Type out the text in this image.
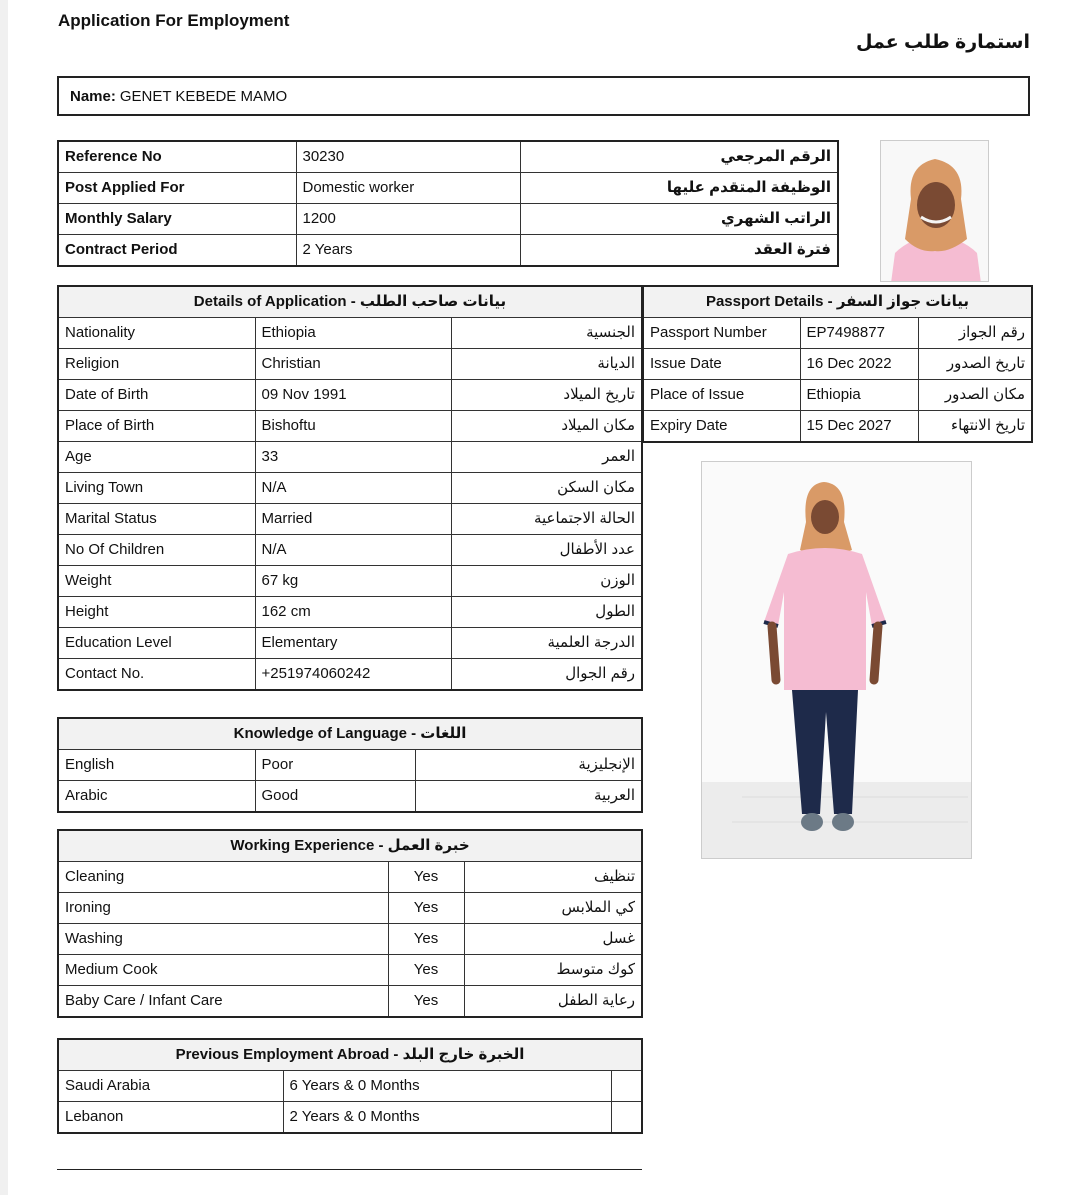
Application For Employment
استمارة طلب عمل
Name: GENET KEBEDE MAMO
Reference No	30230	الرقم المرجعي
Post Applied For	Domestic worker	الوظيفة المتقدم عليها
Monthly Salary	1200	الراتب الشهري
Contract Period	2 Years	فترة العقد
Details of Application - بيانات صاحب الطلب		
Nationality	Ethiopia	الجنسية
Religion	Christian	الديانة
Date of Birth	09 Nov 1991	تاريخ الميلاد
Place of Birth	Bishoftu	مكان الميلاد
Age	33	العمر
Living Town	N/A	مكان السكن
Marital Status	Married	الحالة الاجتماعية
No Of Children	N/A	عدد الأطفال
Weight	67 kg	الوزن
Height	162 cm	الطول
Education Level	Elementary	الدرجة العلمية
Contact No.	+251974060242	رقم الجوال
Passport Details - بيانات جواز السفر		
Passport Number	EP7498877	رقم الجواز
Issue Date	16 Dec 2022	تاريخ الصدور
Place of Issue	Ethiopia	مكان الصدور
Expiry Date	15 Dec 2027	تاريخ الانتهاء
Knowledge of Language - اللغات		
English	Poor	الإنجليزية
Arabic	Good	العربية
Working Experience - خبرة العمل		
Cleaning	Yes	تنظيف
Ironing	Yes	كي الملابس
Washing	Yes	غسل
Medium Cook	Yes	كوك متوسط
Baby Care / Infant Care	Yes	رعاية الطفل
Previous Employment Abroad - الخبرة خارج البلد		
Saudi Arabia	6 Years & 0 Months	
Lebanon	2 Years & 0 Months	
